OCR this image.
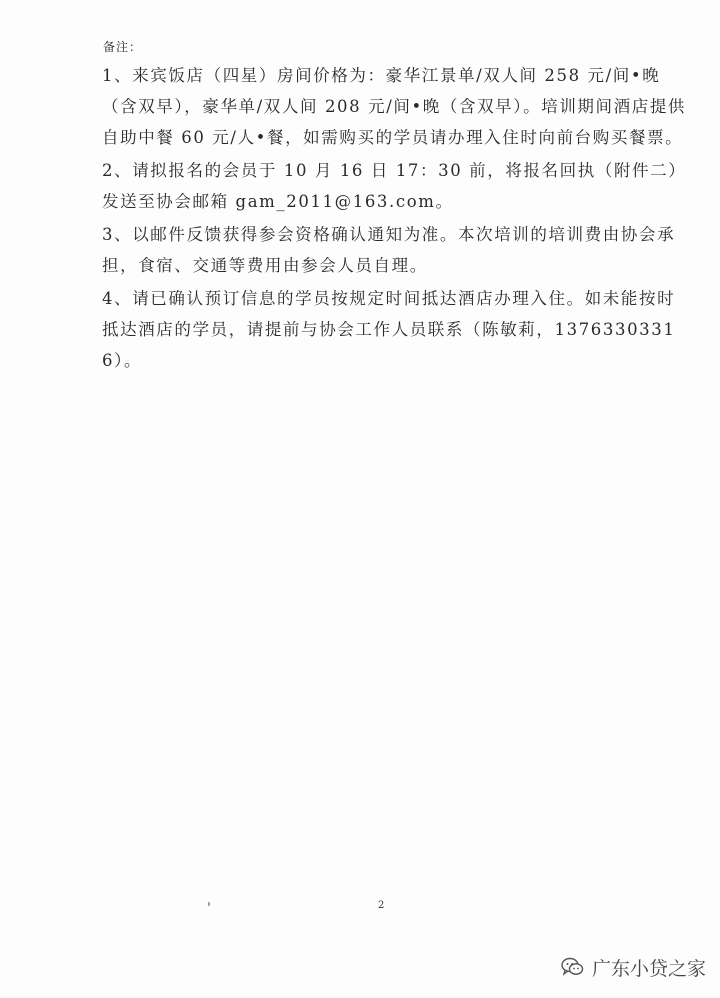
备注：

1、来宾饭店（四星）房间价格为：豪华江景单/双人间 258 元/间•晚（含双早），豪华单/双人间 208 元/间•晚（含双早）。培训期间酒店提供自助中餐 60 元/人•餐，如需购买的学员请办理入住时向前台购买餐票。

2、请拟报名的会员于 10 月 16 日 17：30 前，将报名回执（附件二）发送至协会邮箱 gam_2011@163.com。

3、以邮件反馈获得参会资格确认通知为准。本次培训的培训费由协会承担，食宿、交通等费用由参会人员自理。

4、请已确认预订信息的学员按规定时间抵达酒店办理入住。如未能按时抵达酒店的学员，请提前与协会工作人员联系（陈敏莉，13763303316）。

2
广东小贷之家
